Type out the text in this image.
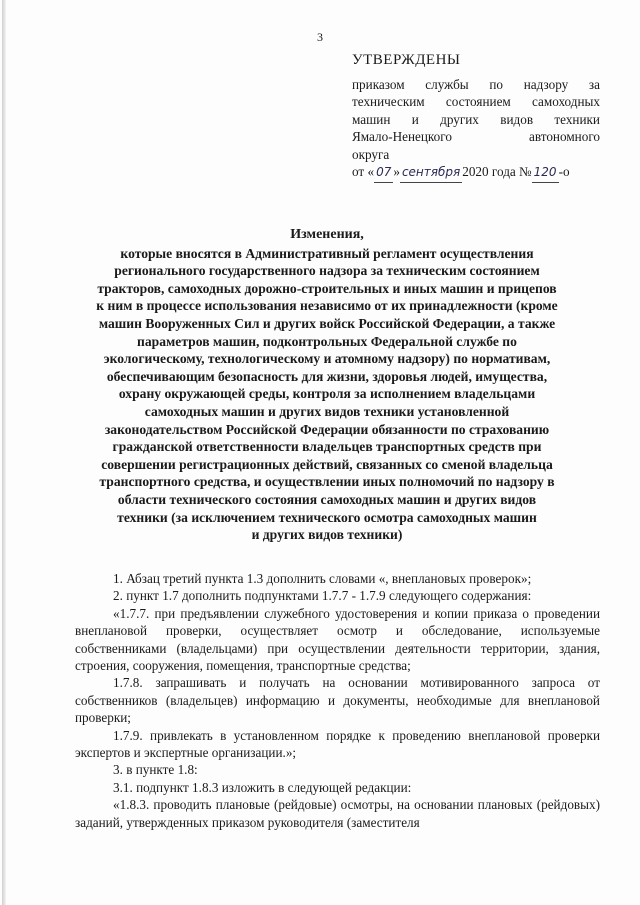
3
УТВЕРЖДЕНЫ
приказом службы по надзору за
техническим состоянием самоходных
машин и других видов техники
Ямало-Ненецкого автономного
округа
от « 07 » сентября 2020 года № 120 -о
Изменения,
которые вносятся в Административный регламент осуществления
регионального государственного надзора за техническим состоянием
тракторов, самоходных дорожно-строительных и иных машин и прицепов
к ним в процессе использования независимо от их принадлежности (кроме
машин Вооруженных Сил и других войск Российской Федерации, а также
параметров машин, подконтрольных Федеральной службе по
экологическому, технологическому и атомному надзору) по нормативам,
обеспечивающим безопасность для жизни, здоровья людей, имущества,
охрану окружающей среды, контроля за исполнением владельцами
самоходных машин и других видов техники установленной
законодательством Российской Федерации обязанности по страхованию
гражданской ответственности владельцев транспортных средств при
совершении регистрационных действий, связанных со сменой владельца
транспортного средства, и осуществлении иных полномочий по надзору в
области технического состояния самоходных машин и других видов
техники (за исключением технического осмотра самоходных машин
и других видов техники)

1. Абзац третий пункта 1.3 дополнить словами «, внеплановых проверок»;

2. пункт 1.7 дополнить подпунктами 1.7.7 - 1.7.9 следующего содержания:

«1.7.7. при предъявлении служебного удостоверения и копии приказа о проведении внеплановой проверки, осуществляет осмотр и обследование, используемые собственниками (владельцами) при осуществлении деятельности территории, здания, строения, сооружения, помещения, транспортные средства;

1.7.8. запрашивать и получать на основании мотивированного запроса от собственников (владельцев) информацию и документы, необходимые для внеплановой проверки;

1.7.9. привлекать в установленном порядке к проведению внеплановой проверки экспертов и экспертные организации.»;

3. в пункте 1.8:

3.1. подпункт 1.8.3 изложить в следующей редакции:

«1.8.3. проводить плановые (рейдовые) осмотры, на основании плановых (рейдовых) заданий, утвержденных приказом руководителя (заместителя
